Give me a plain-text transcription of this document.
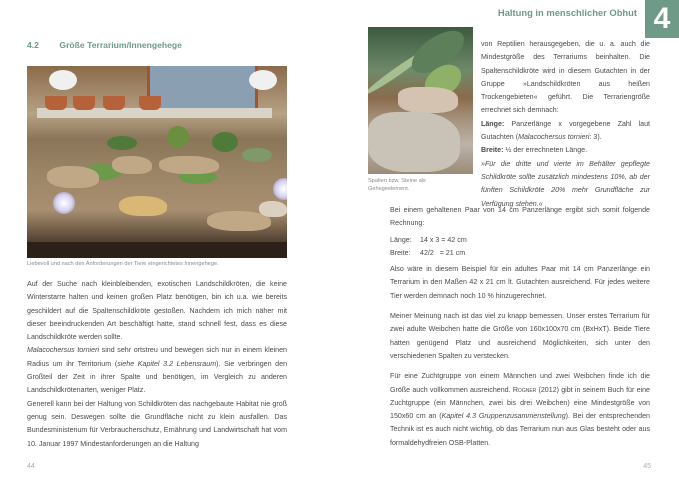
4.2 Größe Terrarium/Innengehege
Liebevoll und nach den Anforderungen der Tiere eingerichtetes Innengehege.

Auf der Suche nach kleinbleibenden, exotischen Landschildkröten, die keine Winterstarre halten und keinen großen Platz benötigen, bin ich u.a. wie bereits geschildert auf die Spaltenschildkröte gestoßen. Nachdem ich mich näher mit dieser beeindruckenden Art beschäftigt hatte, stand schnell fest, dass es diese Landschildkröte werden sollte.

Malacochersus tornieri sind sehr ortstreu und bewegen sich nur in einem kleinen Radius um ihr Territorium (siehe Kapitel 3.2 Lebensraum). Sie verbringen den Großteil der Zeit in ihrer Spalte und benötigen, im Vergleich zu anderen Landschildkrötenarten, weniger Platz.

Generell kann bei der Haltung von Schildkröten das nachgebaute Habitat nie groß genug sein. Deswegen sollte die Grundfläche nicht zu klein ausfallen. Das Bundesministerium für Verbraucherschutz, Ernährung und Landwirtschaft hat vom 10. Januar 1997 Mindestanforderungen an die Haltung

44
Haltung in menschlicher Obhut 4
Spalten bzw. Steine als Gehegeelement.

von Reptilien herausgegeben, die u. a. auch die Mindestgröße des Terrariums beinhalten. Die Spaltenschildkröte wird in diesem Gutachten in der Gruppe »Landschildkröten aus heißen Trockengebieten« geführt. Die Terrariengröße errechnet sich demnach:

Länge: Panzerlänge x vorgegebene Zahl laut Gutachten (Malacochersus tornieri: 3).

Breite: ½ der errechneten Länge.

»Für die dritte und vierte im Behälter gepflegte Schildkröte sollte zusätzlich mindestens 10%, ab der fünften Schildkröte 20% mehr Grundfläche zur Verfügung stehen.«

Bei einem gehaltenen Paar von 14 cm Panzerlänge ergibt sich somit folgende Rechnung:

Länge:	14 x 3 = 42 cm
Breite:	42/2   = 21 cm

Also wäre in diesem Beispiel für ein adultes Paar mit 14 cm Panzerlänge ein Terrarium in den Maßen 42 x 21 cm lt. Gutachten ausreichend. Für jedes weitere Tier werden demnach noch 10 % hinzugerechnet.

Meiner Meinung nach ist das viel zu knapp bemessen. Unser erstes Terrarium für zwei adulte Weibchen hatte die Größe von 160x100x70 cm (BxHxT). Beide Tiere hatten genügend Platz und ausreichend Möglichkeiten, sich unter den verschiedenen Spalten zu verstecken.

Für eine Zuchtgruppe von einem Männchen und zwei Weibchen finde ich die Größe auch vollkommen ausreichend. Rogner (2012) gibt in seinem Buch für eine Zuchtgruppe (ein Männchen, zwei bis drei Weibchen) eine Mindestgröße von 150x60 cm an (Kapitel 4.3 Gruppenzusammenstellung). Bei der entsprechenden Technik ist es auch nicht wichtig, ob das Terrarium nun aus Glas besteht oder aus formaldehydfreien OSB-Platten.

45
